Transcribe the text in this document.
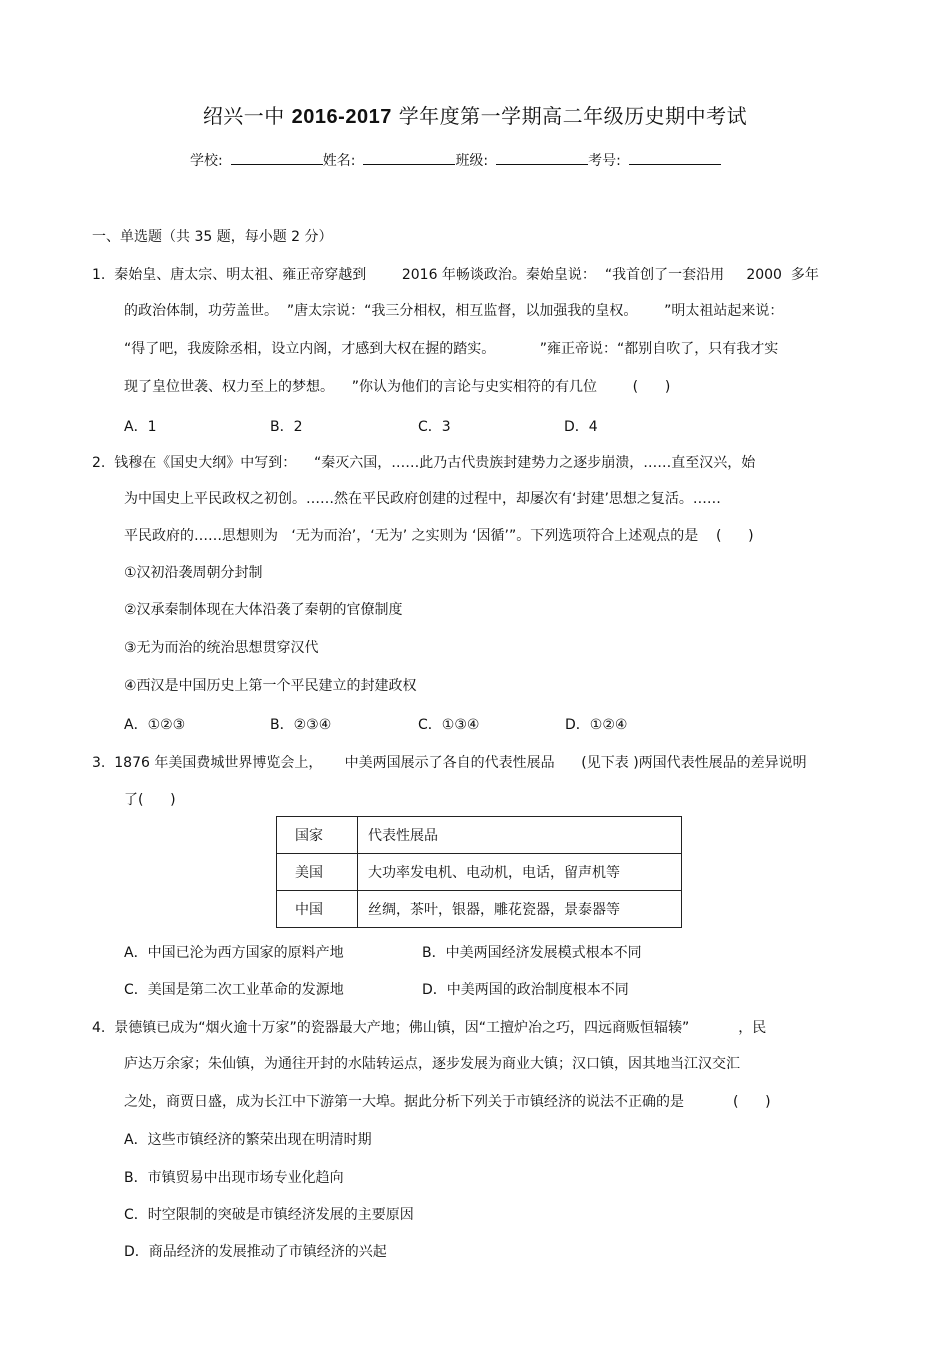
绍兴一中 2016-2017 学年度第一学期高二年级历史期中考试
学校:	姓名:	班级:	考号:
一、单选题（共 35 题，每小题 2 分）
1.  秦始皇、唐太宗、明太祖、雍正帝穿越到        2016 年畅谈政治。秦始皇说：  “我首创了一套沿用     2000  多年
的政治体制，功劳盖世。  ”唐太宗说：“我三分相权，相互监督，以加强我的皇权。      ”明太祖站起来说：
“得了吧，我废除丞相，设立内阁，才感到大权在握的踏实。          ”雍正帝说：“都别自吹了，只有我才实
现了皇位世袭、权力至上的梦想。    ”你认为他们的言论与史实相符的有几位        (      )
A．1	B．2	C．3	D．4
2.  钱穆在《国史大纲》中写到：    “秦灭六国，……此乃古代贵族封建势力之逐步崩溃，……直至汉兴，始
为中国史上平民政权之初创。……然在平民政府创建的过程中，却屡次有‘封建’思想之复活。……
平民政府的……思想则为   ‘无为而治’，‘无为’ 之实则为 ‘因循’”。下列选项符合上述观点的是    (      )
①汉初沿袭周朝分封制
②汉承秦制体现在大体沿袭了秦朝的官僚制度
③无为而治的统治思想贯穿汉代
④西汉是中国历史上第一个平民建立的封建政权
A．①②③	B．②③④	C．①③④	D．①②④
3.  1876 年美国费城世界博览会上，     中美两国展示了各自的代表性展品      (见下表 )两国代表性展品的差异说明
了(      )
国家	代表性展品
美国	大功率发电机、电动机，电话，留声机等
中国	丝绸，茶叶，银器，雕花瓷器，景泰器等
A．中国已沦为西方国家的原料产地	B．中美两国经济发展模式根本不同
C．美国是第二次工业革命的发源地	D．中美两国的政治制度根本不同
4.  景德镇已成为“烟火逾十万家”的瓷器最大产地；佛山镇，因“工擅炉冶之巧，四远商贩恒辐辏”           ，民
庐达万余家；朱仙镇，为通往开封的水陆转运点，逐步发展为商业大镇；汉口镇，因其地当江汉交汇
之处，商贾日盛，成为长江中下游第一大埠。据此分析下列关于市镇经济的说法不正确的是           (      )
A．这些市镇经济的繁荣出现在明清时期
B．市镇贸易中出现市场专业化趋向
C．时空限制的突破是市镇经济发展的主要原因
D．商品经济的发展推动了市镇经济的兴起
